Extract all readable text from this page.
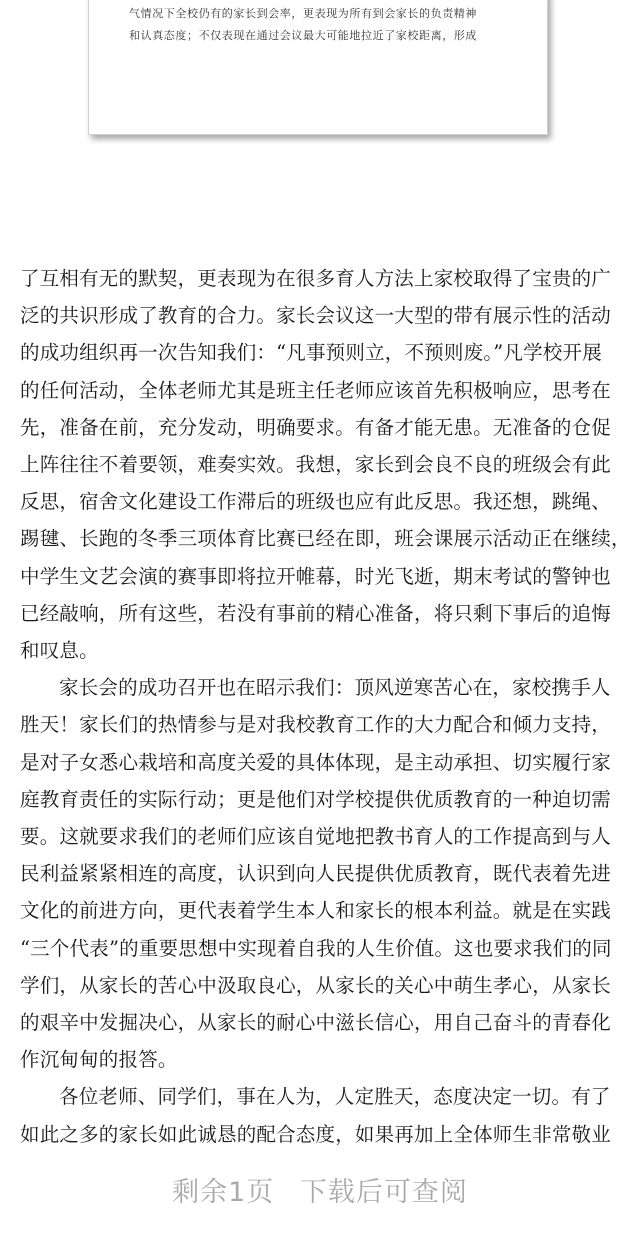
气情况下全校仍有的家长到会率，更表现为所有到会家长的负责精神
和认真态度；不仅表现在通过会议最大可能地拉近了家校距离，形成
了互相有无的默契，更表现为在很多育人方法上家校取得了宝贵的广
泛的共识形成了教育的合力。家长会议这一大型的带有展示性的活动
的成功组织再一次告知我们：“凡事预则立，不预则废。”凡学校开展
的任何活动，全体老师尤其是班主任老师应该首先积极响应，思考在
先，准备在前，充分发动，明确要求。有备才能无患。无准备的仓促
上阵往往不着要领，难奏实效。我想，家长到会良不良的班级会有此
反思，宿舍文化建设工作滞后的班级也应有此反思。我还想，跳绳、
踢毽、长跑的冬季三项体育比赛已经在即，班会课展示活动正在继续，
中学生文艺会演的赛事即将拉开帷幕，时光飞逝，期末考试的警钟也
已经敲响，所有这些，若没有事前的精心准备，将只剩下事后的追悔
和叹息。
家长会的成功召开也在昭示我们：顶风逆寒苦心在，家校携手人
胜天！家长们的热情参与是对我校教育工作的大力配合和倾力支持，
是对子女悉心栽培和高度关爱的具体体现，是主动承担、切实履行家
庭教育责任的实际行动；更是他们对学校提供优质教育的一种迫切需
要。这就要求我们的老师们应该自觉地把教书育人的工作提高到与人
民利益紧紧相连的高度，认识到向人民提供优质教育，既代表着先进
文化的前进方向，更代表着学生本人和家长的根本利益。就是在实践
“三个代表”的重要思想中实现着自我的人生价值。这也要求我们的同
学们，从家长的苦心中汲取良心，从家长的关心中萌生孝心，从家长
的艰辛中发掘决心，从家长的耐心中滋长信心，用自己奋斗的青春化
作沉甸甸的报答。
各位老师、同学们，事在人为，人定胜天，态度决定一切。有了
如此之多的家长如此诚恳的配合态度，如果再加上全体师生非常敬业
剩余1页 下载后可查阅
